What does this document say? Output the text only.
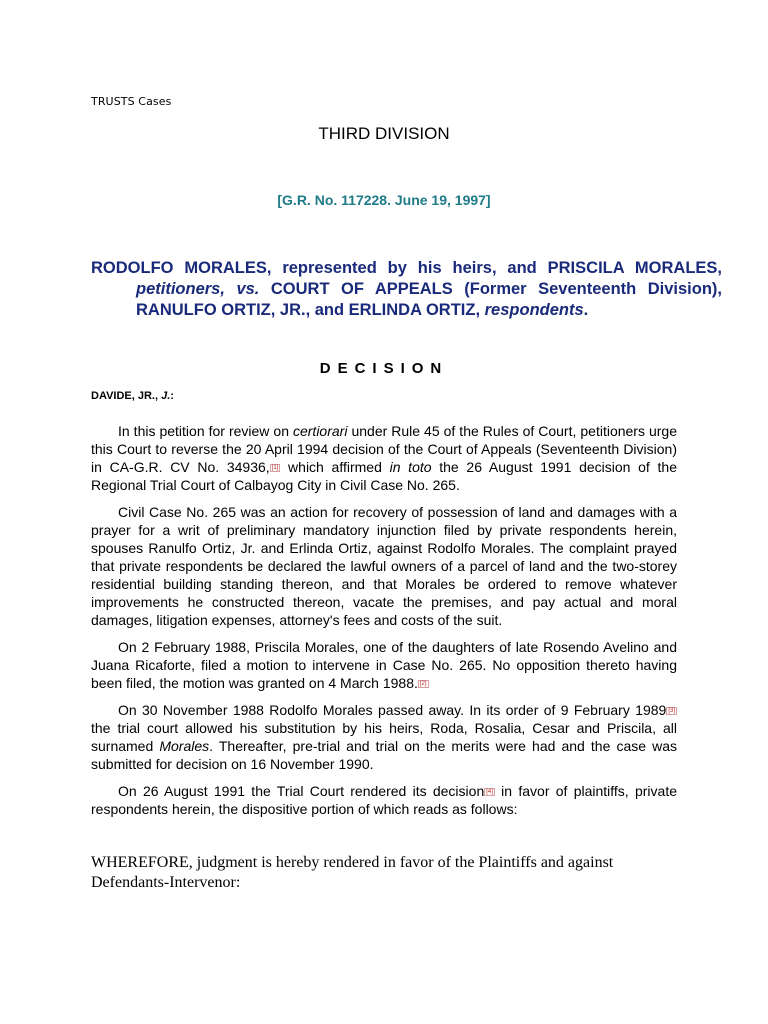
TRUSTS Cases
THIRD DIVISION
[G.R. No. 117228. June 19, 1997]
RODOLFO MORALES, represented by his heirs, and PRISCILA MORALES, petitioners, vs. COURT OF APPEALS (Former Seventeenth Division), RANULFO ORTIZ, JR., and ERLINDA ORTIZ, respondents.
DECISION
DAVIDE, JR., J.:

In this petition for review on certiorari under Rule 45 of the Rules of Court, petitioners urge this Court to reverse the 20 April 1994 decision of the Court of Appeals (Seventeenth Division) in CA-G.R. CV No. 34936, [1] which affirmed in toto the 26 August 1991 decision of the Regional Trial Court of Calbayog City in Civil Case No. 265.

Civil Case No. 265 was an action for recovery of possession of land and damages with a prayer for a writ of preliminary mandatory injunction filed by private respondents herein, spouses Ranulfo Ortiz, Jr. and Erlinda Ortiz, against Rodolfo Morales. The complaint prayed that private respondents be declared the lawful owners of a parcel of land and the two-storey residential building standing thereon, and that Morales be ordered to remove whatever improvements he constructed thereon, vacate the premises, and pay actual and moral damages, litigation expenses, attorney's fees and costs of the suit.

On 2 February 1988, Priscila Morales, one of the daughters of late Rosendo Avelino and Juana Ricaforte, filed a motion to intervene in Case No. 265. No opposition thereto having been filed, the motion was granted on 4 March 1988. [2]

On 30 November 1988 Rodolfo Morales passed away. In its order of 9 February 1989 [3] the trial court allowed his substitution by his heirs, Roda, Rosalia, Cesar and Priscila, all surnamed Morales. Thereafter, pre-trial and trial on the merits were had and the case was submitted for decision on 16 November 1990.

On 26 August 1991 the Trial Court rendered its decision [4] in favor of plaintiffs, private respondents herein, the dispositive portion of which reads as follows:

WHEREFORE, judgment is hereby rendered in favor of the Plaintiffs and against Defendants-Intervenor:
